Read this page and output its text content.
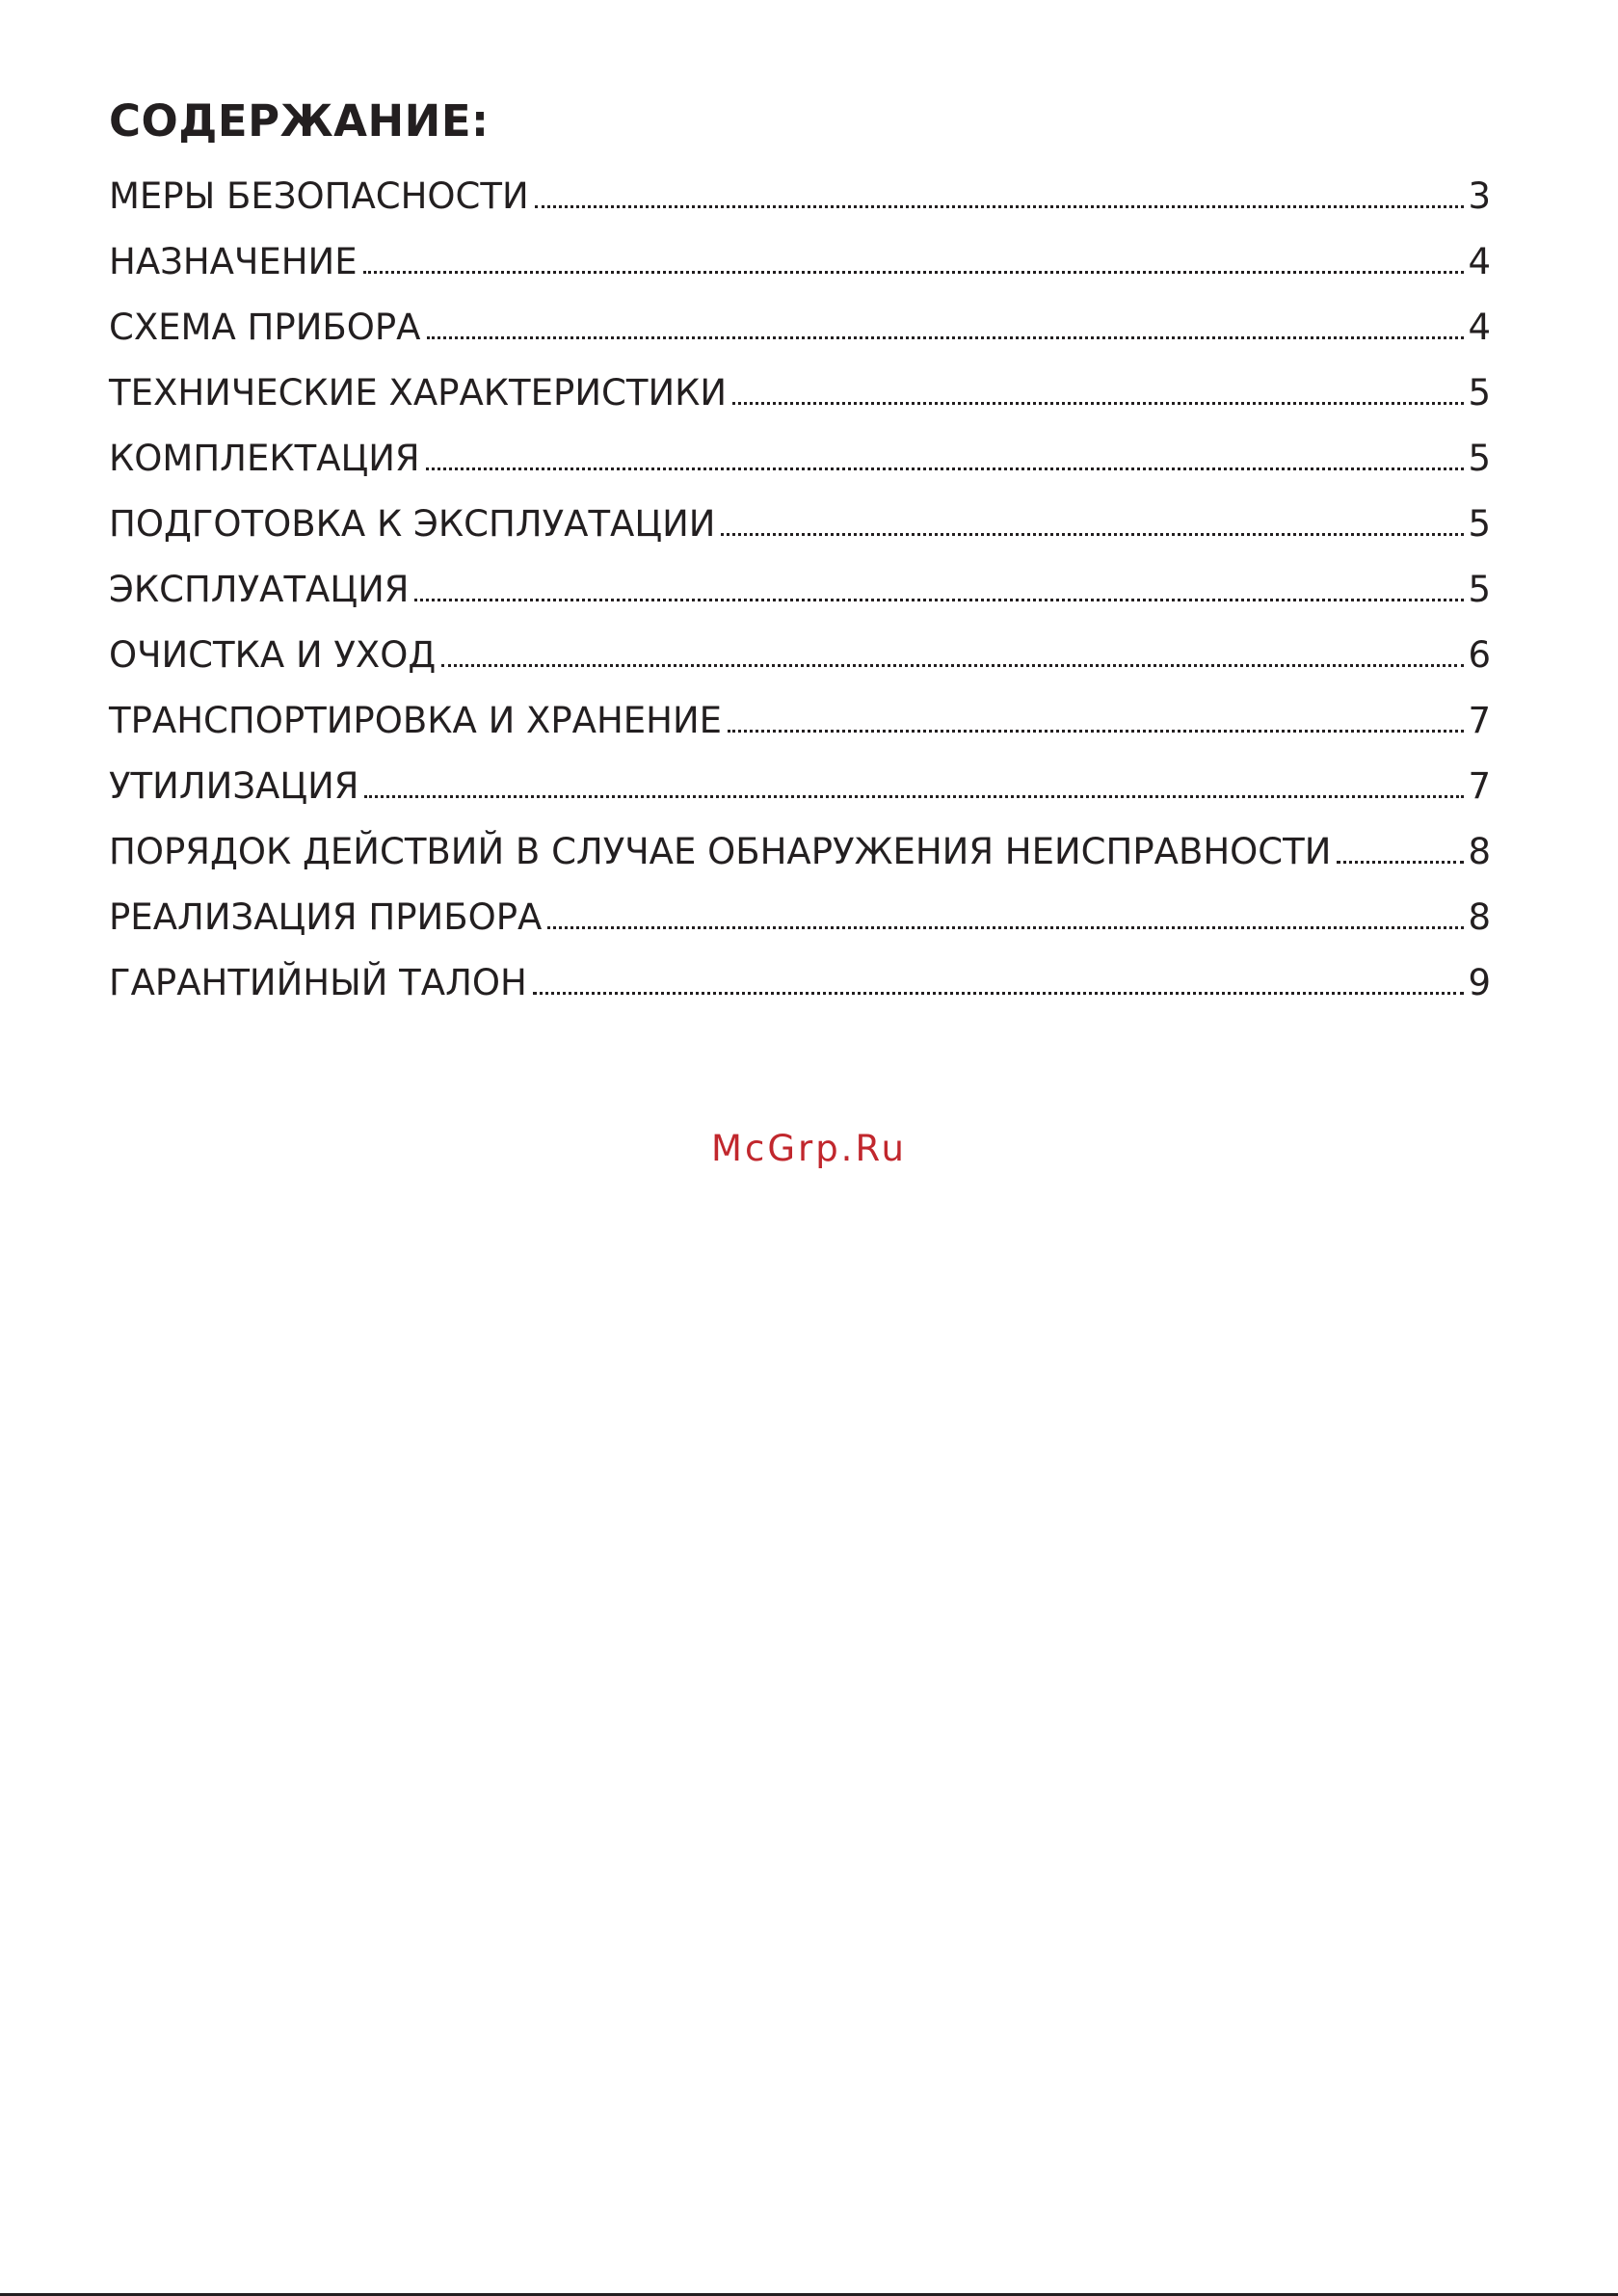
СОДЕРЖАНИЕ:
МЕРЫ БЕЗОПАСНОСТИ	3
НАЗНАЧЕНИЕ	4
СХЕМА ПРИБОРА	4
ТЕХНИЧЕСКИЕ ХАРАКТЕРИСТИКИ	5
КОМПЛЕКТАЦИЯ	5
ПОДГОТОВКА К ЭКСПЛУАТАЦИИ	5
ЭКСПЛУАТАЦИЯ	5
ОЧИСТКА И УХОД	6
ТРАНСПОРТИРОВКА И ХРАНЕНИЕ	7
УТИЛИЗАЦИЯ	7
ПОРЯДОК ДЕЙСТВИЙ В СЛУЧАЕ ОБНАРУЖЕНИЯ НЕИСПРАВНОСТИ	8
РЕАЛИЗАЦИЯ ПРИБОРА	8
ГАРАНТИЙНЫЙ ТАЛОН	9
McGrp.Ru
